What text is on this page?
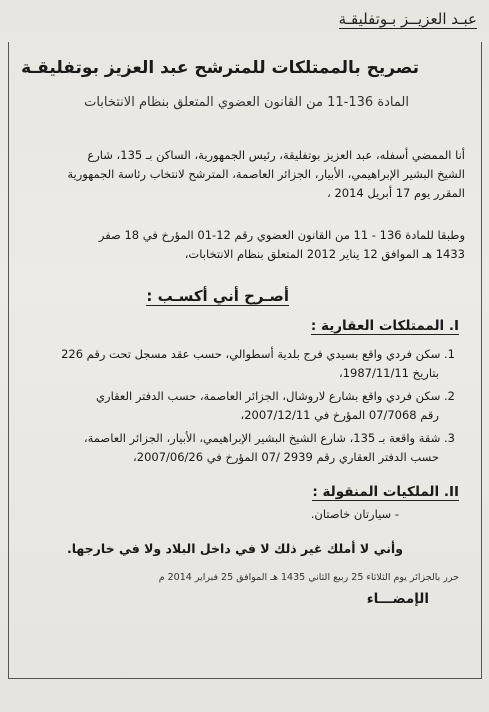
عبـد العزيــز بـوتفليقـة
تصريح بالممتلكات للمترشح عبد العزيز بوتفليقـة
المادة 136-11 من القانون العضوي المتعلق بنظام الانتخابات
أنا الممضي أسفله، عبد العزيز بوتفليقة، رئيس الجمهورية، الساكن بـ 135، شارع
الشيخ البشير الإبراهيمي، الأبيار، الجزائر العاصمة، المترشح لانتخاب رئاسة الجمهورية
المقرر يوم 17 أبريل 2014 ،
وطبقا للمادة 136 - 11 من القانون العضوي رقم 12-01 المؤرخ في 18 صفر
1433 هـ الموافق 12 يناير 2012 المتعلق بنظام الانتخابات،
أصـرح أني أكسـب :
I. الممتلكات العقارية :
1. سكن فردي واقع بسيدي فرج بلدية أسطوالي، حسب عقد مسجل تحت رقم 226
بتاريخ 1987/11/11،
2. سكن فردي واقع بشارع لاروشال، الجزائر العاصمة، حسب الدفتر العقاري
رقم 07/7068 المؤرخ في 2007/12/11،
3. شقة واقعة بـ 135، شارع الشيخ البشير الإبراهيمي، الأبيار، الجزائر العاصمة،
حسب الدفتر العقاري رقم 2939 /07 المؤرخ في 2007/06/26،
II. الملكيات المنقولة :
- سيارتان خاصتان.
وأني لا أملك غير ذلك لا في داخل البلاد ولا في خارجها.
حرر بالجزائر يوم الثلاثاء 25 ربيع الثاني 1435 هـ الموافق 25 فبراير 2014 م
الإمضـــاء
